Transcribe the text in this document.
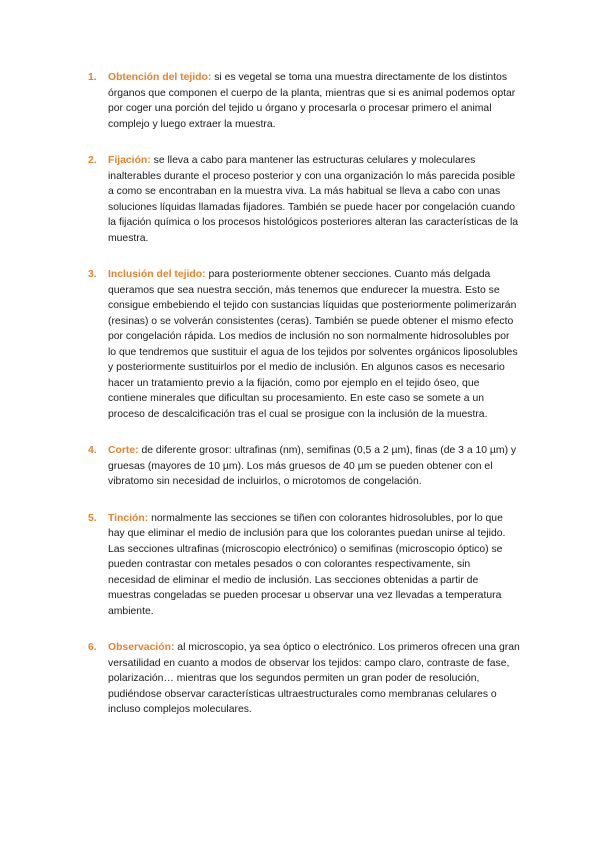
1. Obtención del tejido: si es vegetal se toma una muestra directamente de los distintos órganos que componen el cuerpo de la planta, mientras que si es animal podemos optar por coger una porción del tejido u órgano y procesarla o procesar primero el animal complejo y luego extraer la muestra.
2. Fijación: se lleva a cabo para mantener las estructuras celulares y moleculares inalterables durante el proceso posterior y con una organización lo más parecida posible a como se encontraban en la muestra viva. La más habitual se lleva a cabo con unas soluciones líquidas llamadas fijadores. También se puede hacer por congelación cuando la fijación química o los procesos histológicos posteriores alteran las características de la muestra.
3. Inclusión del tejido: para posteriormente obtener secciones. Cuanto más delgada queramos que sea nuestra sección, más tenemos que endurecer la muestra. Esto se consigue embebiendo el tejido con sustancias líquidas que posteriormente polimerizarán (resinas) o se volverán consistentes (ceras). También se puede obtener el mismo efecto por congelación rápida. Los medios de inclusión no son normalmente hidrosolubles por lo que tendremos que sustituir el agua de los tejidos por solventes orgánicos liposolubles y posteriormente sustituirlos por el medio de inclusión. En algunos casos es necesario hacer un tratamiento previo a la fijación, como por ejemplo en el tejido óseo, que contiene minerales que dificultan su procesamiento. En este caso se somete a un proceso de descalcificación tras el cual se prosigue con la inclusión de la muestra.
4. Corte: de diferente grosor: ultrafinas (nm), semifinas (0,5 a 2 µm), finas (de 3 a 10 µm) y gruesas (mayores de 10 µm). Los más gruesos de 40 µm se pueden obtener con el vibratomo sin necesidad de incluirlos, o microtomos de congelación.
5. Tinción: normalmente las secciones se tiñen con colorantes hidrosolubles, por lo que hay que eliminar el medio de inclusión para que los colorantes puedan unirse al tejido. Las secciones ultrafinas (microscopio electrónico) o semifinas (microscopio óptico) se pueden contrastar con metales pesados o con colorantes respectivamente, sin necesidad de eliminar el medio de inclusión. Las secciones obtenidas a partir de muestras congeladas se pueden procesar u observar una vez llevadas a temperatura ambiente.
6. Observación: al microscopio, ya sea óptico o electrónico. Los primeros ofrecen una gran versatilidad en cuanto a modos de observar los tejidos: campo claro, contraste de fase, polarización… mientras que los segundos permiten un gran poder de resolución, pudiéndose observar características ultraestructurales como membranas celulares o incluso complejos moleculares.
